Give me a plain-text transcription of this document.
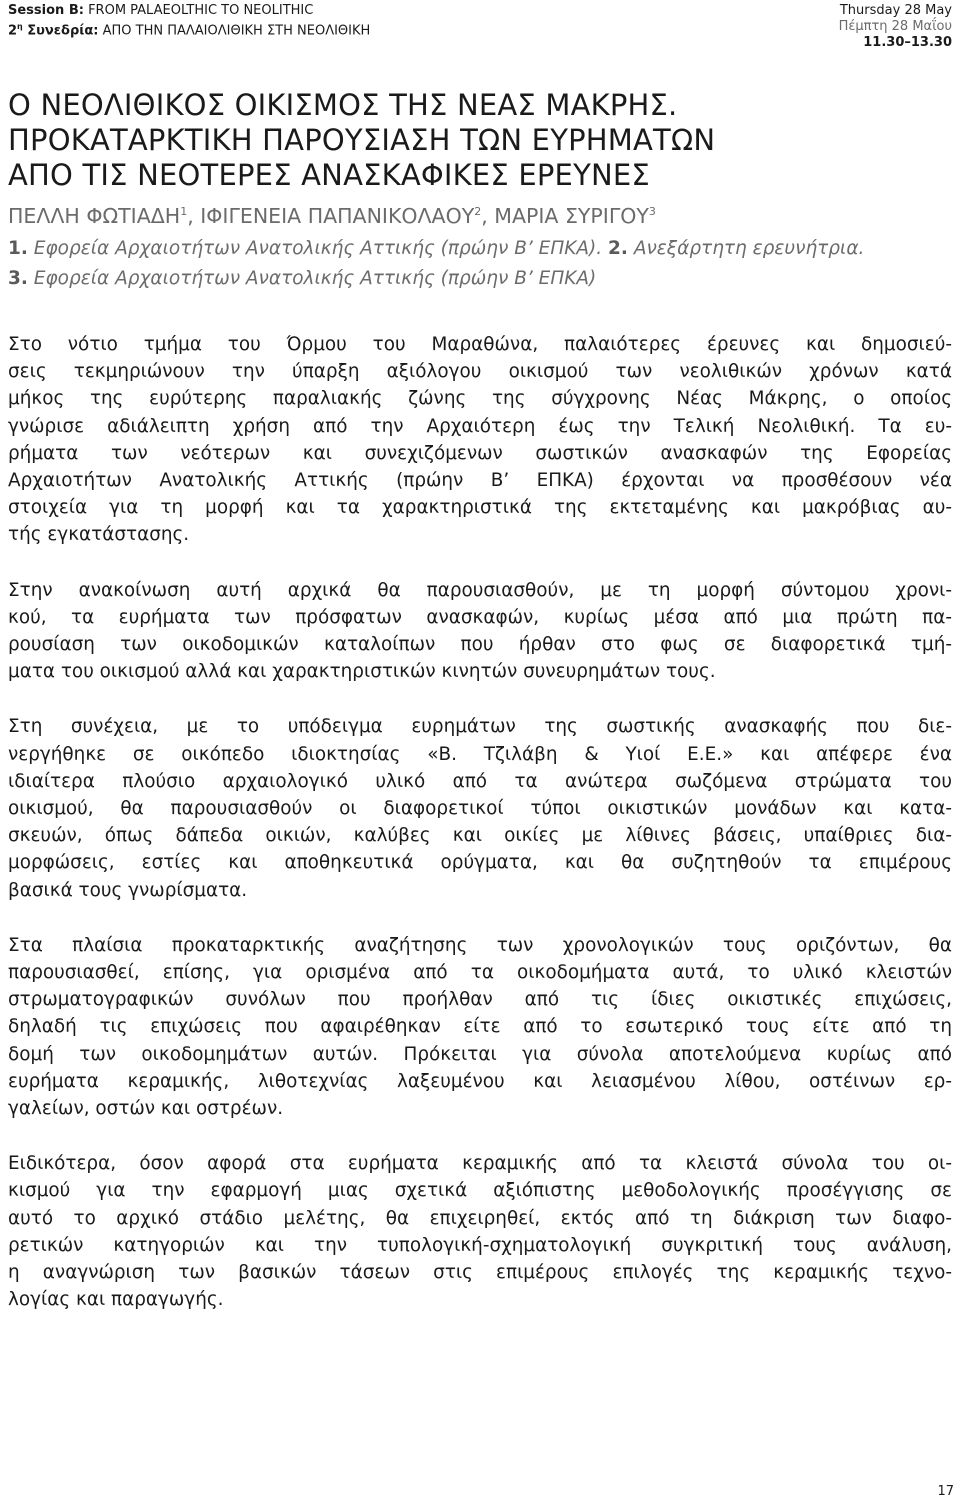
Session B: FROM PALAEOLTHIC TO NEOLITHIC
$2^\eta$ Συνεδρία: ΑΠΟ ΤΗΝ ΠΑΛΑΙΟΛΙΘΙΚΗ ΣΤΗ ΝΕΟΛΙΘΙΚΗ
Thursday 28 May
Πέμπτη 28 Μαΐου
11.30–13.30
Ο ΝΕΟΛΙΘΙΚΟΣ ΟΙΚΙΣΜΟΣ ΤΗΣ ΝΕΑΣ ΜΑΚΡΗΣ.
ΠΡΟΚΑΤΑΡΚΤΙΚΗ ΠΑΡΟΥΣΙΑΣΗ ΤΩΝ ΕΥΡΗΜΑΤΩΝ
ΑΠΟ ΤΙΣ ΝΕΟΤΕΡΕΣ ΑΝΑΣΚΑΦΙΚΕΣ ΕΡΕΥΝΕΣ
ΠΕΛΛΗ ΦΩΤΙΑΔΗ$^1$, ΙΦΙΓΕΝΕΙΑ ΠΑΠΑΝΙΚΟΛΑΟΥ$^2$, ΜΑΡΙΑ ΣΥΡΙΓΟΥ$^3$
1. Εφορεία Αρχαιοτήτων Ανατολικής Αττικής (πρώην Β’ ΕΠΚΑ). 2. Ανεξάρτητη ερευνήτρια.
3. Εφορεία Αρχαιοτήτων Ανατολικής Αττικής (πρώην Β’ ΕΠΚΑ)

Στο νότιο τμήμα του Όρμου του Μαραθώνα, παλαιότερες έρευνες και δημοσιεύ-
σεις τεκμηριώνουν την ύπαρξη αξιόλογου οικισμού των νεολιθικών χρόνων κατά
μήκος της ευρύτερης παραλιακής ζώνης της σύγχρονης Νέας Μάκρης, ο οποίος
γνώρισε αδιάλειπτη χρήση από την Αρχαιότερη έως την Τελική Νεολιθική. Τα ευ-
ρήματα των νεότερων και συνεχιζόμενων σωστικών ανασκαφών της Εφορείας
Αρχαιοτήτων Ανατολικής Αττικής (πρώην Β’ ΕΠΚΑ) έρχονται να προσθέσουν νέα
στοιχεία για τη μορφή και τα χαρακτηριστικά της εκτεταμένης και μακρόβιας αυ-
τής εγκατάστασης.

Στην ανακοίνωση αυτή αρχικά θα παρουσιασθούν, με τη μορφή σύντομου χρονι-
κού, τα ευρήματα των πρόσφατων ανασκαφών, κυρίως μέσα από μια πρώτη πα-
ρουσίαση των οικοδομικών καταλοίπων που ήρθαν στο φως σε διαφορετικά τμή-
ματα του οικισμού αλλά και χαρακτηριστικών κινητών συνευρημάτων τους.

Στη συνέχεια, με το υπόδειγμα ευρημάτων της σωστικής ανασκαφής που διε-
νεργήθηκε σε οικόπεδο ιδιοκτησίας «Β. Τζιλάβη & Υιοί Ε.Ε.» και απέφερε ένα
ιδιαίτερα πλούσιο αρχαιολογικό υλικό από τα ανώτερα σωζόμενα στρώματα του
οικισμού, θα παρουσιασθούν οι διαφορετικοί τύποι οικιστικών μονάδων και κατα-
σκευών, όπως δάπεδα οικιών, καλύβες και οικίες με λίθινες βάσεις, υπαίθριες δια-
μορφώσεις, εστίες και αποθηκευτικά ορύγματα, και θα συζητηθούν τα επιμέρους
βασικά τους γνωρίσματα.

Στα πλαίσια προκαταρκτικής αναζήτησης των χρονολογικών τους οριζόντων, θα
παρουσιασθεί, επίσης, για ορισμένα από τα οικοδομήματα αυτά, το υλικό κλειστών
στρωματογραφικών συνόλων που προήλθαν από τις ίδιες οικιστικές επιχώσεις,
δηλαδή τις επιχώσεις που αφαιρέθηκαν είτε από το εσωτερικό τους είτε από τη
δομή των οικοδομημάτων αυτών. Πρόκειται για σύνολα αποτελούμενα κυρίως από
ευρήματα κεραμικής, λιθοτεχνίας λαξευμένου και λειασμένου λίθου, οστέινων ερ-
γαλείων, οστών και οστρέων.

Ειδικότερα, όσον αφορά στα ευρήματα κεραμικής από τα κλειστά σύνολα του οι-
κισμού για την εφαρμογή μιας σχετικά αξιόπιστης μεθοδολογικής προσέγγισης σε
αυτό το αρχικό στάδιο μελέτης, θα επιχειρηθεί, εκτός από τη διάκριση των διαφο-
ρετικών κατηγοριών και την τυπολογική-σχηματολογική συγκριτική τους ανάλυση,
η αναγνώριση των βασικών τάσεων στις επιμέρους επιλογές της κεραμικής τεχνο-
λογίας και παραγωγής.

17
